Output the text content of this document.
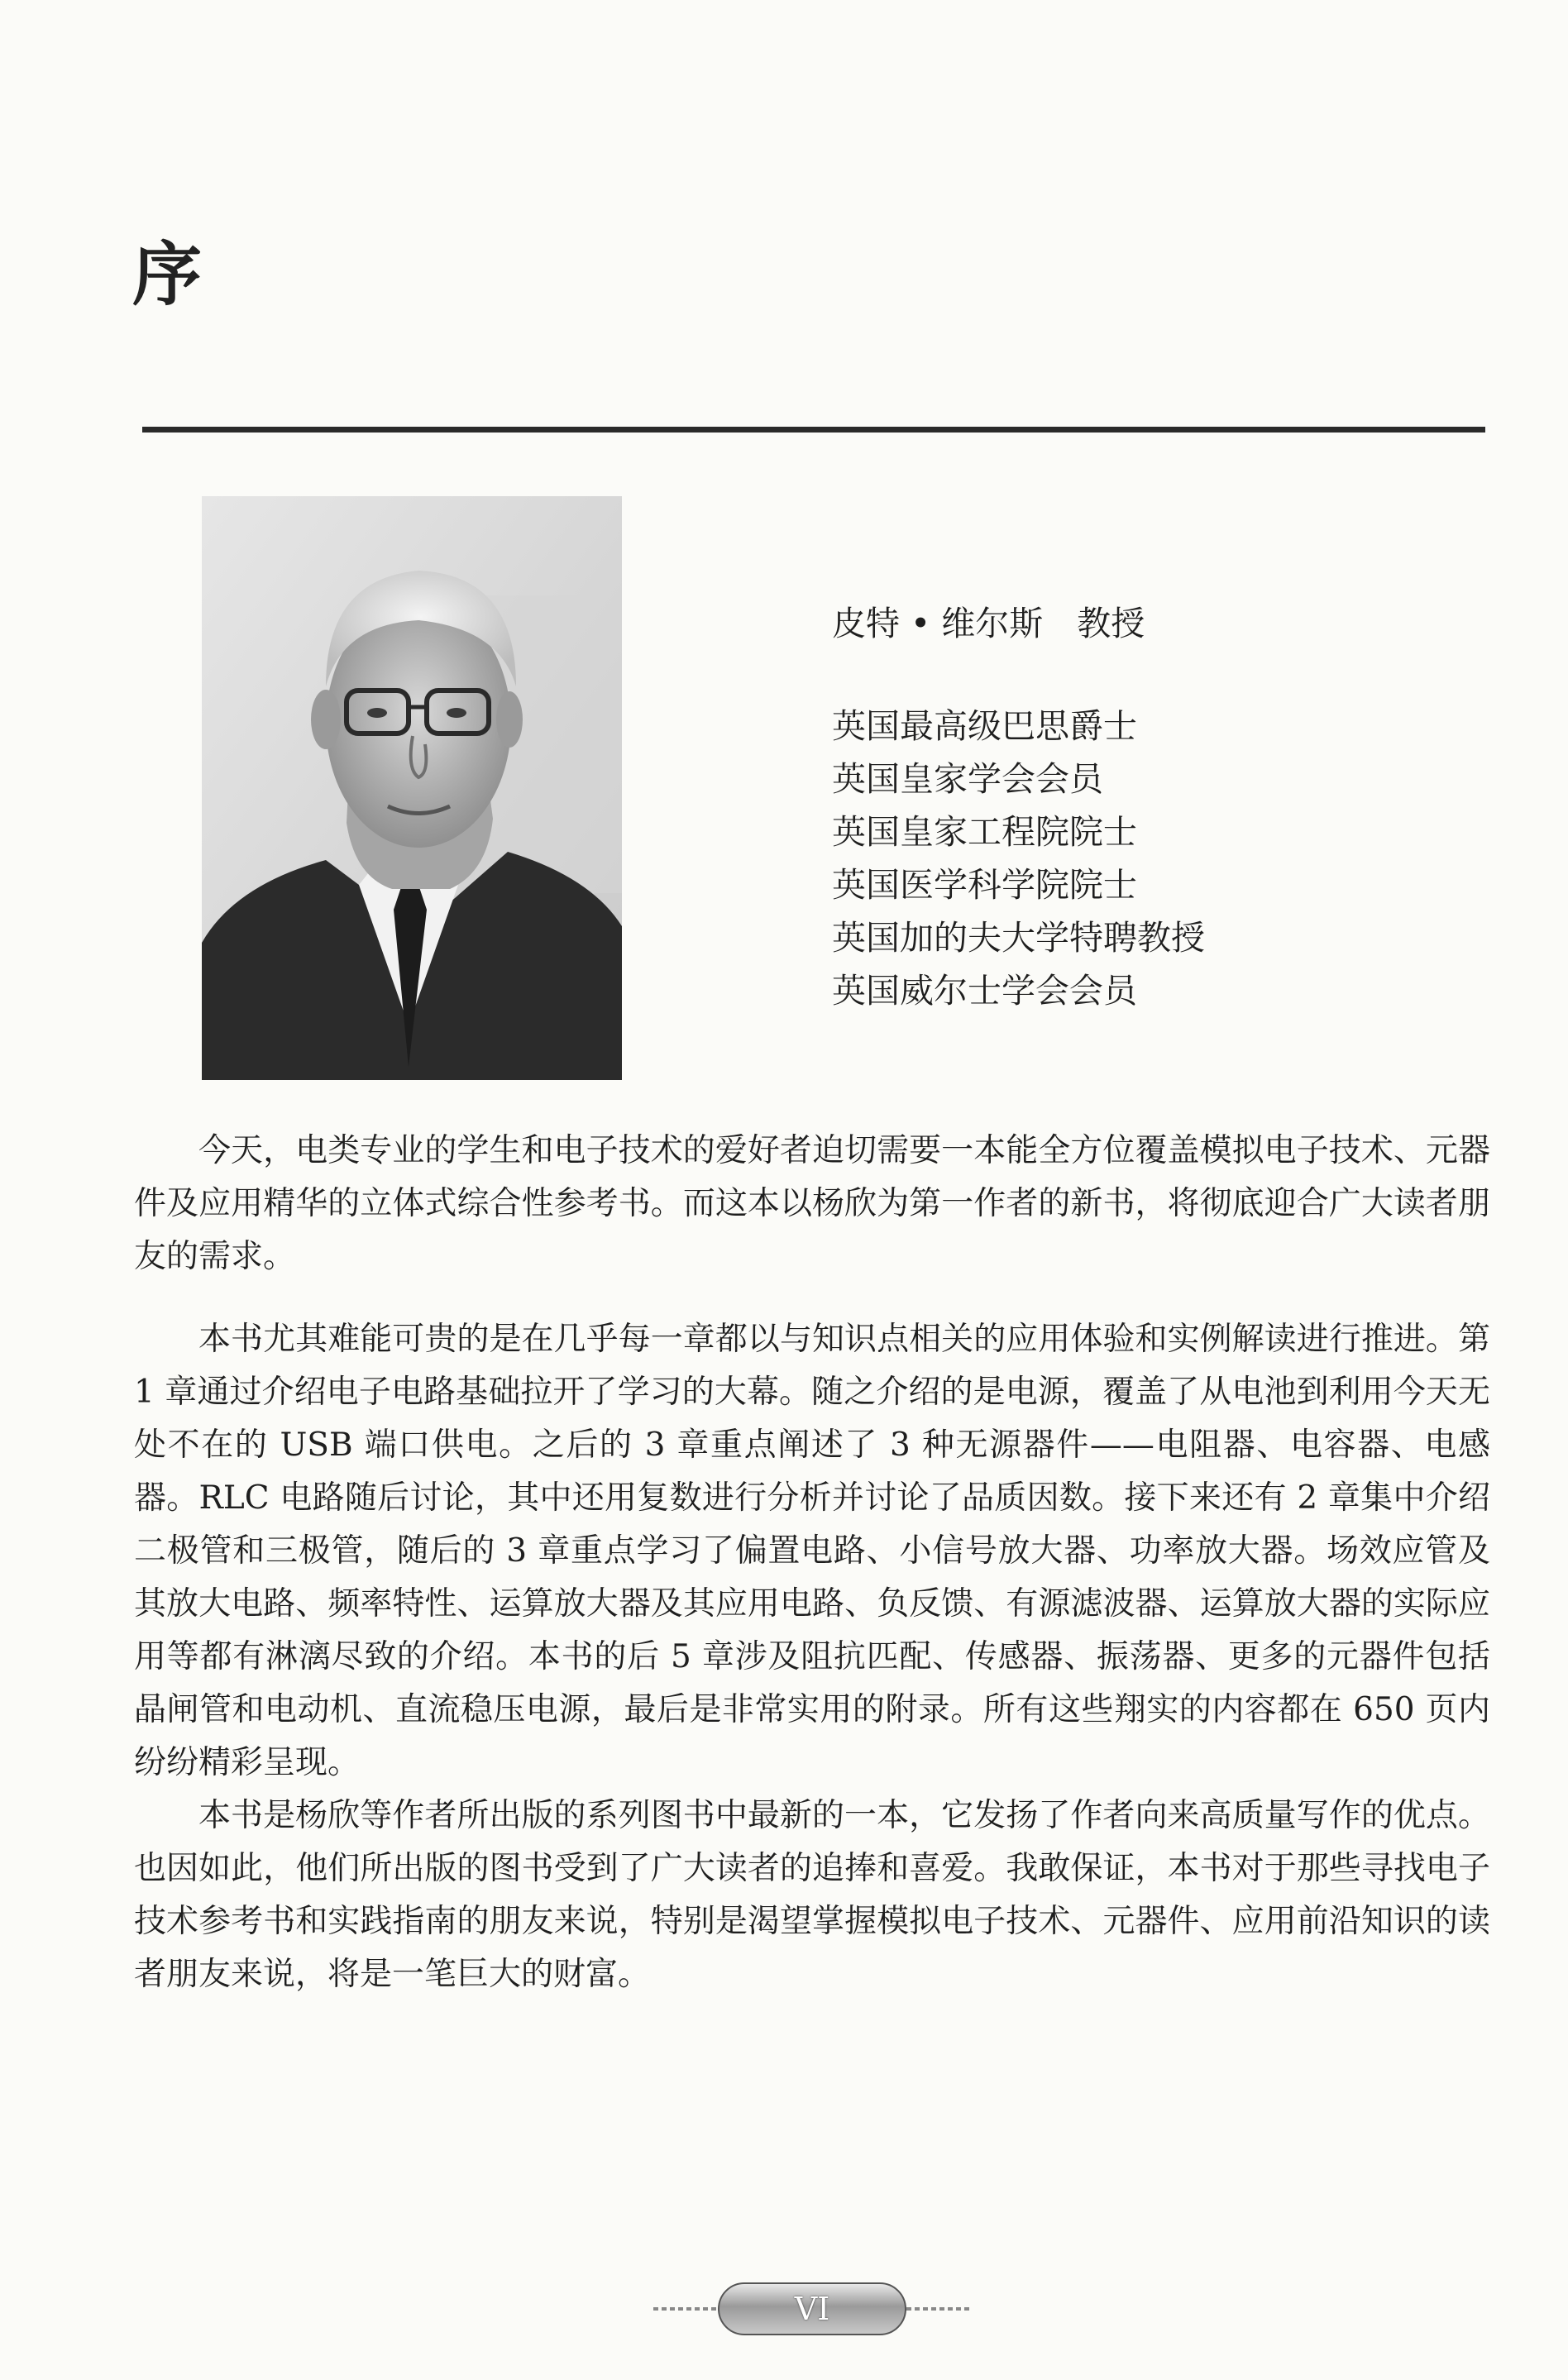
序

皮特 • 维尔斯　教授

英国最高级巴思爵士

英国皇家学会会员

英国皇家工程院院士

英国医学科学院院士

英国加的夫大学特聘教授

英国威尔士学会会员

今天，电类专业的学生和电子技术的爱好者迫切需要一本能全方位覆盖模拟电子技术、元器件及应用精华的立体式综合性参考书。而这本以杨欣为第一作者的新书，将彻底迎合广大读者朋友的需求。

本书尤其难能可贵的是在几乎每一章都以与知识点相关的应用体验和实例解读进行推进。第 1 章通过介绍电子电路基础拉开了学习的大幕。随之介绍的是电源，覆盖了从电池到利用今天无处不在的 USB 端口供电。之后的 3 章重点阐述了 3 种无源器件——电阻器、电容器、电感器。RLC 电路随后讨论，其中还用复数进行分析并讨论了品质因数。接下来还有 2 章集中介绍二极管和三极管，随后的 3 章重点学习了偏置电路、小信号放大器、功率放大器。场效应管及其放大电路、频率特性、运算放大器及其应用电路、负反馈、有源滤波器、运算放大器的实际应用等都有淋漓尽致的介绍。本书的后 5 章涉及阻抗匹配、传感器、振荡器、更多的元器件包括晶闸管和电动机、直流稳压电源，最后是非常实用的附录。所有这些翔实的内容都在 650 页内纷纷精彩呈现。

本书是杨欣等作者所出版的系列图书中最新的一本，它发扬了作者向来高质量写作的优点。也因如此，他们所出版的图书受到了广大读者的追捧和喜爱。我敢保证，本书对于那些寻找电子技术参考书和实践指南的朋友来说，特别是渴望掌握模拟电子技术、元器件、应用前沿知识的读者朋友来说，将是一笔巨大的财富。

VI
